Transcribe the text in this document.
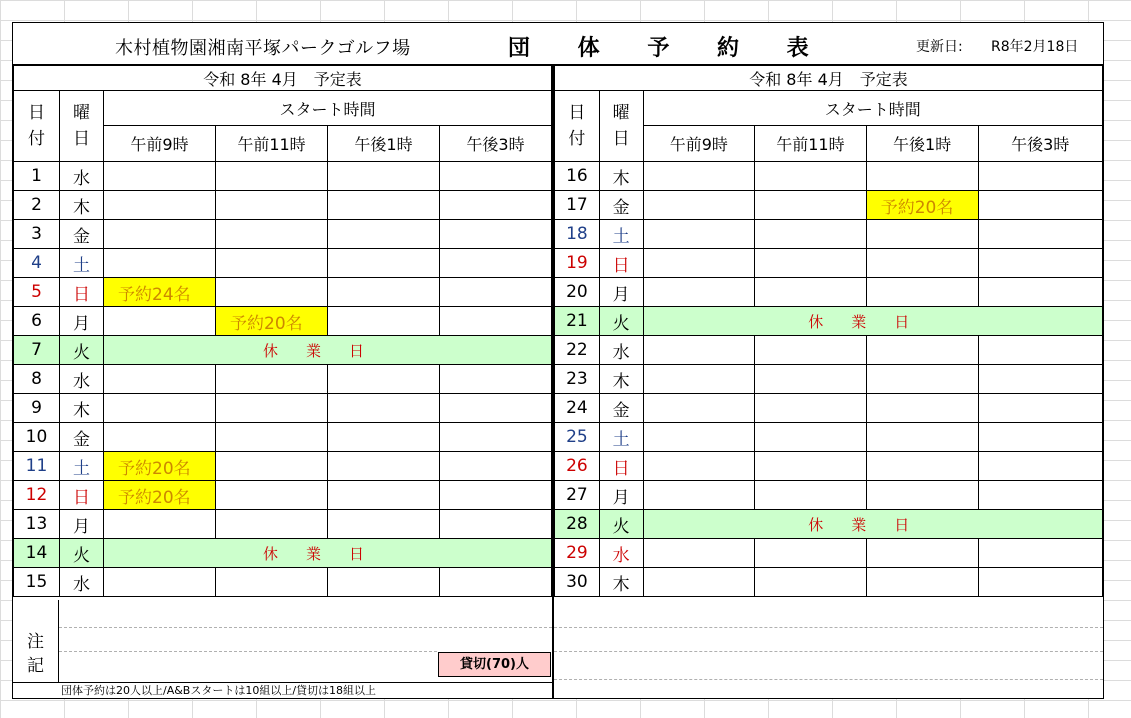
木村植物園湘南平塚パークゴルフ場	団 体 予 約 表	更新日: R8年2月18日
令和 8年 4月　予定表					
日
付	曜
日	スタート時間			
		午前9時	午前11時	午後1時	午後3時
1	水				
2	木				
3	金				
4	土				
5	日	予約24名			
6	月		予約20名		
7	火	休業日			
8	水				
9	木				
10	金				
11	土	予約20名			
12	日	予約20名			
13	月				
14	火	休業日			
15	水				
注
記	貸切(70)人
団体予約は20人以上/A&Bスタートは10組以上/貸切は18組以上
令和 8年 4月　予定表					
日
付	曜
日	スタート時間			
		午前9時	午前11時	午後1時	午後3時
16	木				
17	金			予約20名	
18	土				
19	日				
20	月				
21	火	休業日			
22	水				
23	木				
24	金				
25	土				
26	日				
27	月				
28	火	休業日			
29	水				
30	木				
